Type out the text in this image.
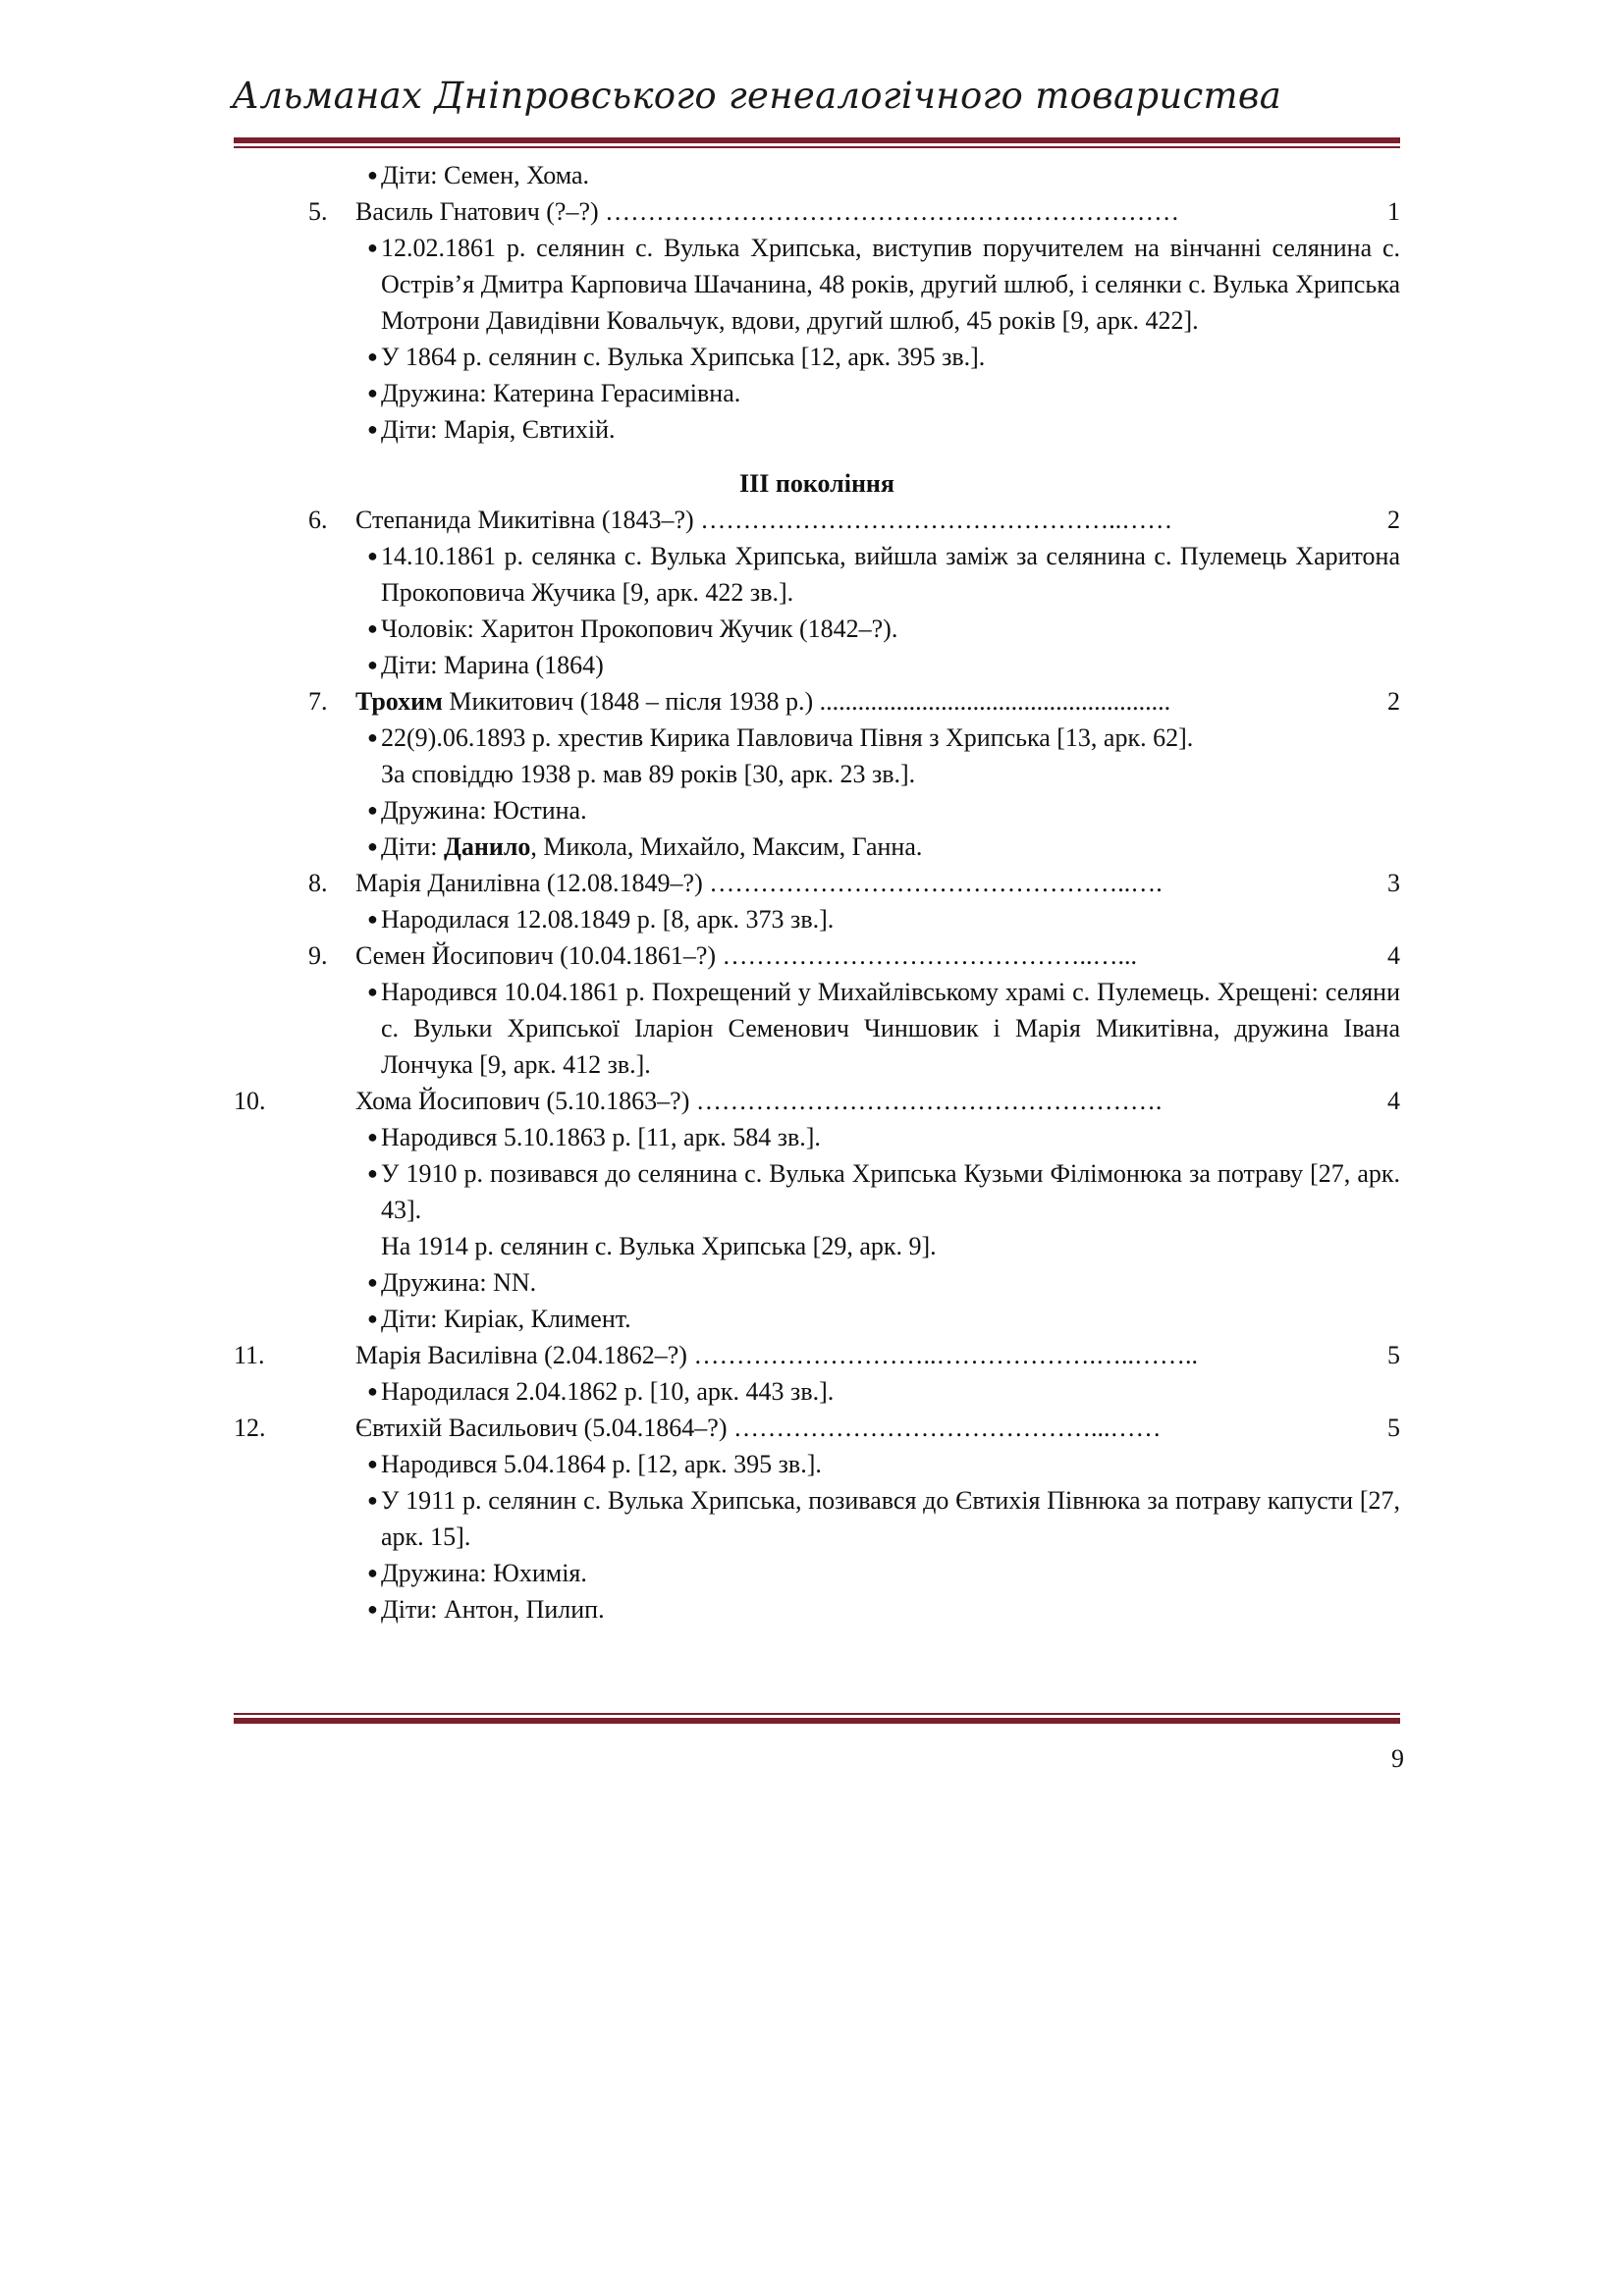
Альманах Дніпровського генеалогічного товариства
● Діти: Семен, Хома.
5.	Василь Гнатович (?–?) …………………………………….…….………………	1
● 12.02.1861 р. селянин с. Вулька Хрипська, виступив поручителем на вінчанні селянина с. Острів’я Дмитра Карповича Шачанина, 48 років, другий шлюб, і селянки с. Вулька Хрипська Мотрони Давидівни Ковальчук, вдови, другий шлюб, 45 років [9, арк. 422].
● У 1864 р. селянин с. Вулька Хрипська [12, арк. 395 зв.].
● Дружина: Катерина Герасимівна.
● Діти: Марія, Євтихій.
ІІІ покоління
6.	Степанида Микитівна (1843–?) …………………………………………..……	2
● 14.10.1861 р. селянка с. Вулька Хрипська, вийшла заміж за селянина с. Пулемець Харитона Прокоповича Жучика [9, арк. 422 зв.].
● Чоловік: Харитон Прокопович Жучик (1842–?).
● Діти: Марина (1864)
7.	Трохим Микитович (1848 – після 1938 р.) .......................................................	2
● 22(9).06.1893 р. хрестив Кирика Павловича Півня з Хрипська [13, арк. 62].
За сповіддю 1938 р. мав 89 років [30, арк. 23 зв.].
● Дружина: Юстина.
● Діти: Данило, Микола, Михайло, Максим, Ганна.
8.	Марія Данилівна (12.08.1849–?) …………………………………………..….	3
● Народилася 12.08.1849 р. [8, арк. 373 зв.].
9.	Семен Йосипович (10.04.1861–?) ……………………………………..…...	4
● Народився 10.04.1861 р. Похрещений у Михайлівському храмі с. Пулемець. Хрещені: селяни с. Вульки Хрипської Іларіон Семенович Чиншовик і Марія Микитівна, дружина Івана Лончука [9, арк. 412 зв.].
10.	Хома Йосипович (5.10.1863–?) ……………………………………………….	4
● Народився 5.10.1863 р. [11, арк. 584 зв.].
● У 1910 р. позивався до селянина с. Вулька Хрипська Кузьми Філімонюка за потраву [27, арк. 43].
На 1914 р. селянин с. Вулька Хрипська [29, арк. 9].
● Дружина: NN.
● Діти: Киріак, Климент.
11.	Марія Василівна (2.04.1862–?) ………………………..……………….…..……..	5
● Народилася 2.04.1862 р. [10, арк. 443 зв.].
12.	Євтихій Васильович (5.04.1864–?) ……………………………………...……	5
● Народився 5.04.1864 р. [12, арк. 395 зв.].
● У 1911 р. селянин с. Вулька Хрипська, позивався до Євтихія Півнюка за потраву капусти [27, арк. 15].
● Дружина: Юхимія.
● Діти: Антон, Пилип.
9
